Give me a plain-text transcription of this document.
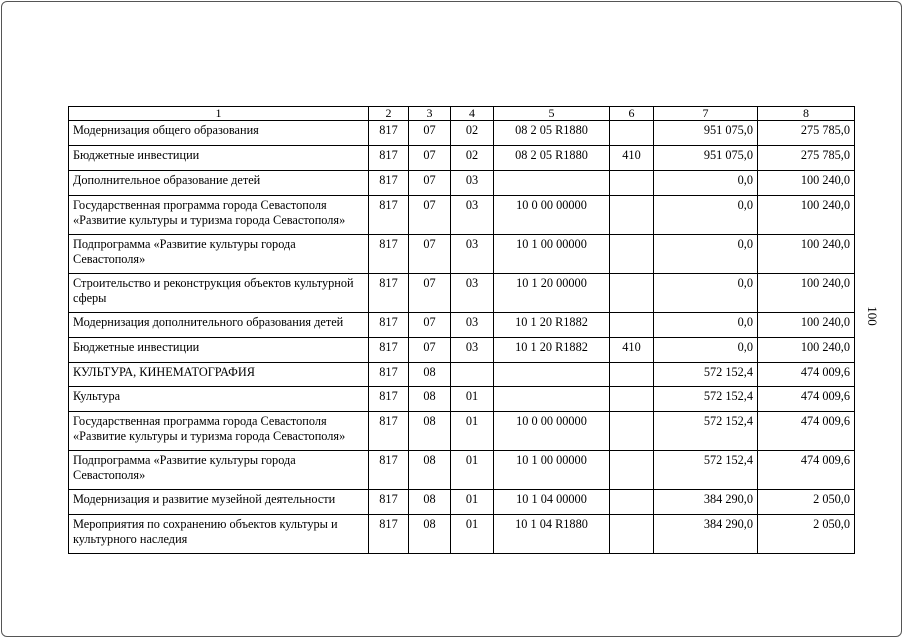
1	2	3	4	5	6	7	8
Модернизация общего образования	817	07	02	08 2 05 R1880		951 075,0	275 785,0
Бюджетные инвестиции	817	07	02	08 2 05 R1880	410	951 075,0	275 785,0
Дополнительное образование детей	817	07	03			0,0	100 240,0
Государственная программа города Севастополя «Развитие культуры и туризма города Севастополя»	817	07	03	10 0 00 00000		0,0	100 240,0
Подпрограмма «Развитие культуры города Севастополя»	817	07	03	10 1 00 00000		0,0	100 240,0
Строительство и реконструкция объектов культурной сферы	817	07	03	10 1 20 00000		0,0	100 240,0
Модернизация дополнительного образования детей	817	07	03	10 1 20 R1882		0,0	100 240,0
Бюджетные инвестиции	817	07	03	10 1 20 R1882	410	0,0	100 240,0
КУЛЬТУРА, КИНЕМАТОГРАФИЯ	817	08				572 152,4	474 009,6
Культура	817	08	01			572 152,4	474 009,6
Государственная программа города Севастополя «Развитие культуры и туризма города Севастополя»	817	08	01	10 0 00 00000		572 152,4	474 009,6
Подпрограмма «Развитие культуры города Севастополя»	817	08	01	10 1 00 00000		572 152,4	474 009,6
Модернизация и развитие музейной деятельности	817	08	01	10 1 04 00000		384 290,0	2 050,0
Мероприятия по сохранению объектов культуры и культурного наследия	817	08	01	10 1 04 R1880		384 290,0	2 050,0
100
